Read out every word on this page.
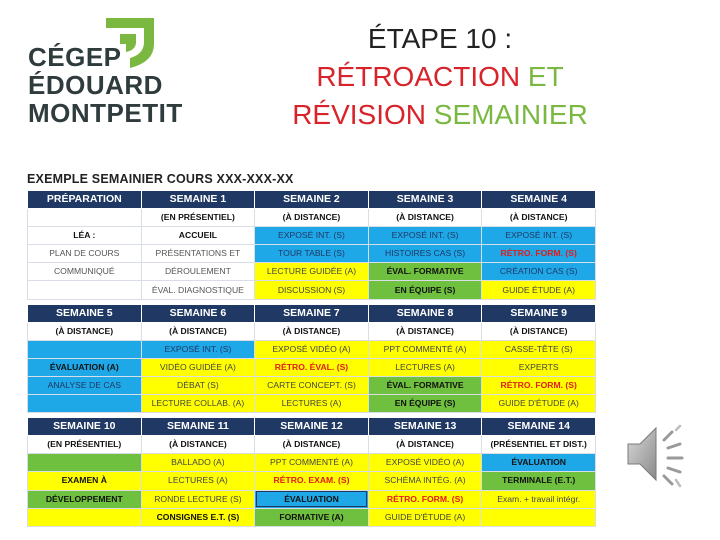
CÉGEP
ÉDOUARD
MONTPETIT
ÉTAPE 10 :
RÉTROACTION ET
RÉVISION SEMAINIER
EXEMPLE SEMAINIER COURS XXX-XXX-XX
PRÉPARATION	SEMAINE 1	SEMAINE 2	SEMAINE 3	SEMAINE 4
	(EN PRÉSENTIEL)	(À DISTANCE)	(À DISTANCE)	(À DISTANCE)
LÉA :	ACCUEIL	EXPOSÉ INT. (S)	EXPOSÉ INT. (S)	EXPOSÉ INT. (S)
PLAN DE COURS	PRÉSENTATIONS ET	TOUR TABLE (S)	HISTOIRES CAS (S)	RÉTRO. FORM. (S)
COMMUNIQUÉ	DÉROULEMENT	LECTURE GUIDÉE (A)	ÉVAL. FORMATIVE	CRÉATION CAS (S)
	ÉVAL. DIAGNOSTIQUE	DISCUSSION (S)	EN ÉQUIPE (S)	GUIDE ÉTUDE (A)

SEMAINE 5	SEMAINE 6	SEMAINE 7	SEMAINE 8	SEMAINE 9
(À DISTANCE)	(À DISTANCE)	(À DISTANCE)	(À DISTANCE)	(À DISTANCE)
	EXPOSÉ INT. (S)	EXPOSÉ VIDÉO (A)	PPT COMMENTÉ (A)	CASSE-TÊTE (S)
ÉVALUATION (A)	VIDÉO GUIDÉE (A)	RÉTRO. ÉVAL. (S)	LECTURES (A)	EXPERTS
ANALYSE DE CAS	DÉBAT (S)	CARTE CONCEPT. (S)	ÉVAL. FORMATIVE	RÉTRO. FORM. (S)
	LECTURE COLLAB. (A)	LECTURES (A)	EN ÉQUIPE (S)	GUIDE D'ÉTUDE (A)

SEMAINE 10	SEMAINE 11	SEMAINE 12	SEMAINE 13	SEMAINE 14
(EN PRÉSENTIEL)	(À DISTANCE)	(À DISTANCE)	(À DISTANCE)	(PRÉSENTIEL ET DIST.)
	BALLADO (A)	PPT COMMENTÉ (A)	EXPOSÉ VIDÉO (A)	ÉVALUATION
EXAMEN À	LECTURES (A)	RÉTRO. EXAM. (S)	SCHÉMA INTÉG. (A)	TERMINALE (E.T.)
DÉVELOPPEMENT	RONDE LECTURE (S)	ÉVALUATION	RÉTRO. FORM. (S)	Exam. + travail intégr.
	CONSIGNES E.T. (S)	FORMATIVE (A)	GUIDE D'ÉTUDE (A)	
